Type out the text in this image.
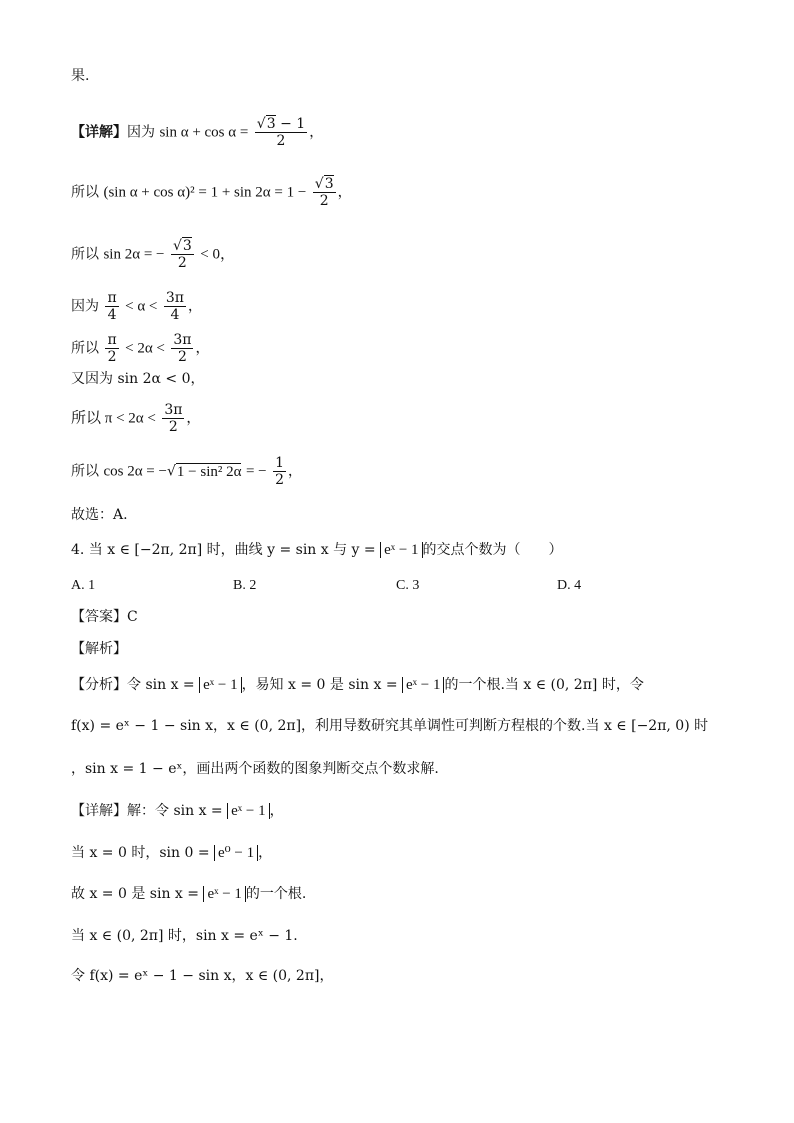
果.
【详解】因为 $\sin \alpha + \cos \alpha = \frac{√3 - 1}{2}$ ，
所以 (sin $\alpha + \cos \alpha)^2 = 1 + \sin 2\alpha = 1 - \frac{√3}{2}$ ，
所以 sin 2α = − $\frac{√3}{2} < 0$，
因为 $\frac{\pi}{4} < \alpha < \frac{3\pi}{4}$ ，
所以 $\frac{\pi}{2} < 2\alpha < \frac{3\pi}{2}$ ，
又因为 sin 2α < 0，
所以 $\pi < 2\alpha < \frac{3\pi}{2}$ ，
所以 cos 2α = −√1 − sin² 2α = − $\frac{1}{2}$ ，
故选：A.
4. 当 x ∈ [−2π, 2π] 时，曲线 y = sin x 与 y = eˣ − 1 的交点个数为（　　）
A. 1	B. 2	C. 3	D. 4
【答案】C
【解析】
【分析】令 sin x = eˣ − 1 ，易知 x = 0 是 sin x = eˣ − 1 的一个根.当 x ∈ (0, 2π] 时，令
f(x) = eˣ − 1 − sin x，x ∈ (0, 2π]，利用导数研究其单调性可判断方程根的个数.当 x ∈ [−2π, 0) 时
，sin x = 1 − eˣ，画出两个函数的图象判断交点个数求解.
【详解】解：令 sin x = eˣ − 1 ，
当 x = 0 时，sin 0 = e⁰ − 1 ，
故 x = 0 是 sin x = eˣ − 1 的一个根.
当 x ∈ (0, 2π] 时，sin x = eˣ − 1.
令 f(x) = eˣ − 1 − sin x，x ∈ (0, 2π]，
